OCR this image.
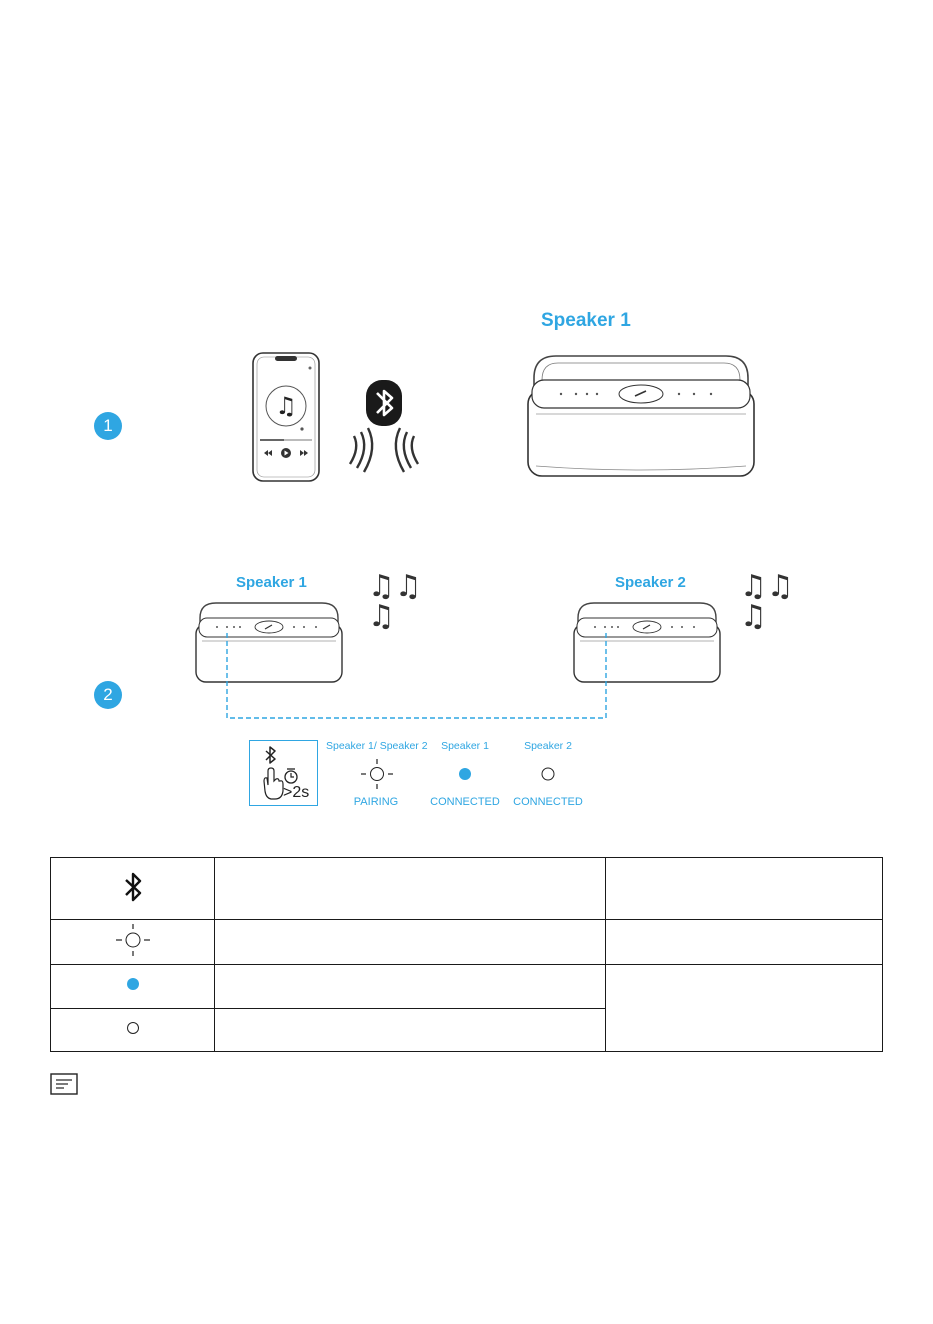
1
♫
Speaker 1
2
Speaker 1	Speaker 2
♫♫
♫
♫♫
♫
>2s
Speaker 1/ Speaker 2
PAIRING
Speaker 1
CONNECTED
Speaker 2
CONNECTED
